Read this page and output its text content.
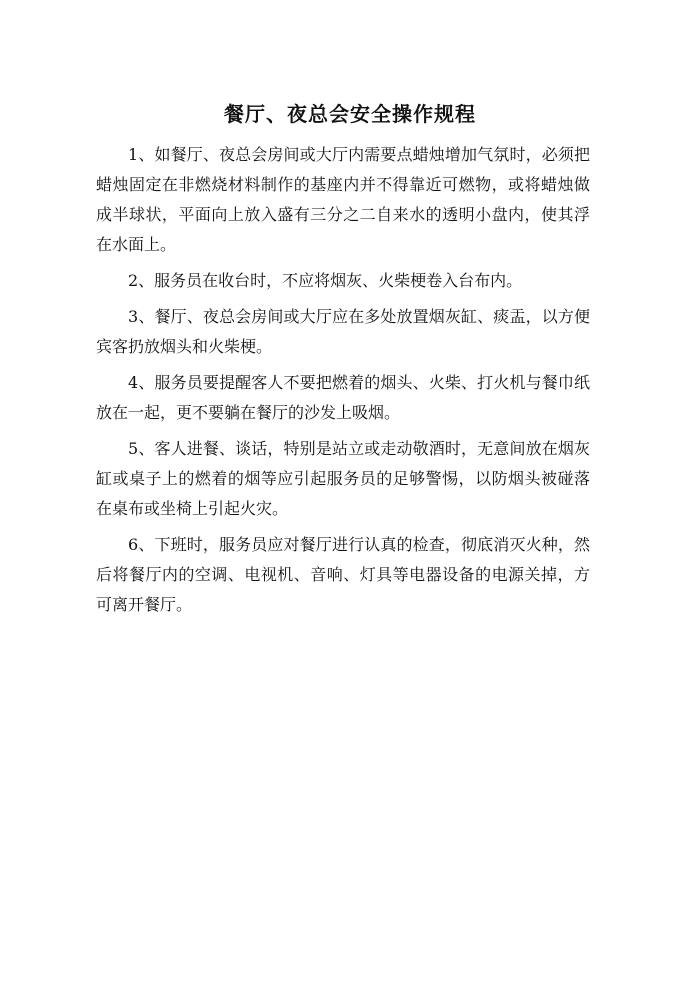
餐厅、夜总会安全操作规程

1、如餐厅、夜总会房间或大厅内需要点蜡烛增加气氛时，必须把蜡烛固定在非燃烧材料制作的基座内并不得靠近可燃物，或将蜡烛做成半球状，平面向上放入盛有三分之二自来水的透明小盘内，使其浮在水面上。

2、服务员在收台时，不应将烟灰、火柴梗卷入台布内。

3、餐厅、夜总会房间或大厅应在多处放置烟灰缸、痰盂，以方便宾客扔放烟头和火柴梗。

4、服务员要提醒客人不要把燃着的烟头、火柴、打火机与餐巾纸放在一起，更不要躺在餐厅的沙发上吸烟。

5、客人进餐、谈话，特别是站立或走动敬酒时，无意间放在烟灰缸或桌子上的燃着的烟等应引起服务员的足够警惕，以防烟头被碰落在桌布或坐椅上引起火灾。

6、下班时，服务员应对餐厅进行认真的检查，彻底消灭火种，然后将餐厅内的空调、电视机、音响、灯具等电器设备的电源关掉，方可离开餐厅。
